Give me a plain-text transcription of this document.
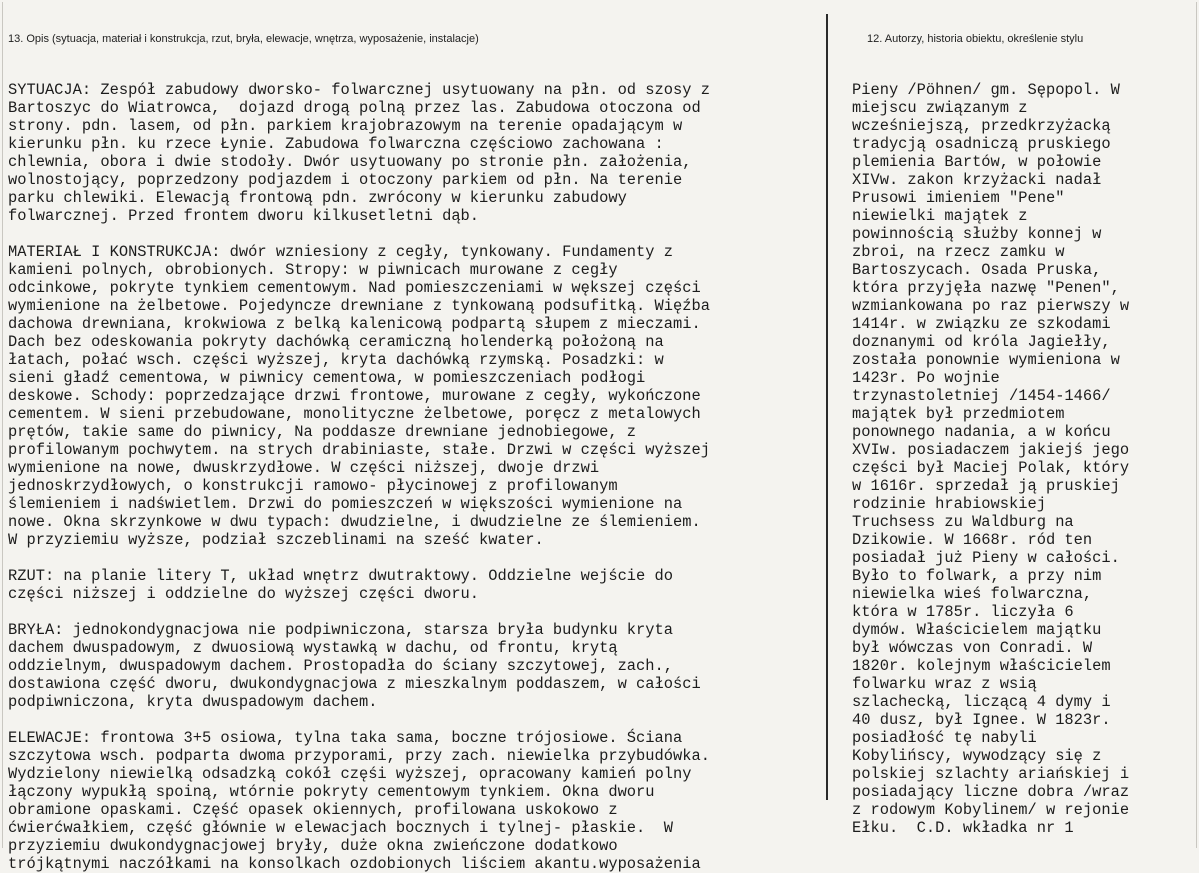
13. Opis (sytuacja, materiał i konstrukcja, rzut, bryła, elewacje, wnętrza, wyposażenie, instalacje)	12. Autorzy, historia obiektu, określenie stylu

SYTUACJA: Zespół zabudowy dworsko- folwarcznej usytuowany na płn. od szosy z
Bartoszyc do Wiatrowca,  dojazd drogą polną przez las. Zabudowa otoczona od
strony. pdn. lasem, od płn. parkiem krajobrazowym na terenie opadającym w
kierunku płn. ku rzece Łynie. Zabudowa folwarczna częściowo zachowana :
chlewnia, obora i dwie stodoły. Dwór usytuowany po stronie płn. założenia,
wolnostojący, poprzedzony podjazdem i otoczony parkiem od płn. Na terenie
parku chlewiki. Elewacją frontową pdn. zwrócony w kierunku zabudowy
folwarcznej. Przed frontem dworu kilkusetletni dąb.

MATERIAŁ I KONSTRUKCJA: dwór wzniesiony z cegły, tynkowany. Fundamenty z
kamieni polnych, obrobionych. Stropy: w piwnicach murowane z cegły
odcinkowe, pokryte tynkiem cementowym. Nad pomieszczeniami w wększej części
wymienione na żelbetowe. Pojedyncze drewniane z tynkowaną podsufitką. Więźba
dachowa drewniana, krokwiowa z belką kalenicową podpartą słupem z mieczami.
Dach bez odeskowania pokryty dachówką ceramiczną holenderką położoną na
łatach, połać wsch. części wyższej, kryta dachówką rzymską. Posadzki: w
sieni gładź cementowa, w piwnicy cementowa, w pomieszczeniach podłogi
deskowe. Schody: poprzedzające drzwi frontowe, murowane z cegły, wykończone
cementem. W sieni przebudowane, monolityczne żelbetowe, poręcz z metalowych
prętów, takie same do piwnicy, Na poddasze drewniane jednobiegowe, z
profilowanym pochwytem. na strych drabiniaste, stałe. Drzwi w części wyższej
wymienione na nowe, dwuskrzydłowe. W części niższej, dwoje drzwi
jednoskrzydłowych, o konstrukcji ramowo- płycinowej z profilowanym
ślemieniem i nadświetlem. Drzwi do pomieszczeń w większości wymienione na
nowe. Okna skrzynkowe w dwu typach: dwudzielne, i dwudzielne ze ślemieniem.
W przyziemiu wyższe, podział szczeblinami na sześć kwater.

RZUT: na planie litery T, układ wnętrz dwutraktowy. Oddzielne wejście do
części niższej i oddzielne do wyższej części dworu.

BRYŁA: jednokondygnacjowa nie podpiwniczona, starsza bryła budynku kryta
dachem dwuspadowym, z dwuosiową wystawką w dachu, od frontu, krytą
oddzielnym, dwuspadowym dachem. Prostopadła do ściany szczytowej, zach.,
dostawiona część dworu, dwukondygnacjowa z mieszkalnym poddaszem, w całości
podpiwniczona, kryta dwuspadowym dachem.

ELEWACJE: frontowa 3+5 osiowa, tylna taka sama, boczne trójosiowe. Ściana
szczytowa wsch. podparta dwoma przyporami, przy zach. niewielka przybudówka.
Wydzielony niewielką odsadzką cokół częśi wyższej, opracowany kamień polny
łączony wypukłą spoiną, wtórnie pokryty cementowym tynkiem. Okna dworu
obramione opaskami. Część opasek okiennych, profilowana uskokowo z
ćwierćwałkiem, część głównie w elewacjach bocznych i tylnej- płaskie.  W
przyziemiu dwukondygnacjowej bryły, duże okna zwieńczone dodatkowo
trójkątnymi naczółkami na konsolkach ozdobionych liściem akantu.wyposażenia

Pieny /Pöhnen/ gm. Sępopol. W
miejscu związanym z
wcześniejszą, przedkrzyżacką
tradycją osadniczą pruskiego
plemienia Bartów, w połowie
XIVw. zakon krzyżacki nadał
Prusowi imieniem "Pene"
niewielki majątek z
powinnością służby konnej w
zbroi, na rzecz zamku w
Bartoszycach. Osada Pruska,
która przyjęła nazwę "Penen",
wzmiankowana po raz pierwszy w
1414r. w związku ze szkodami
doznanymi od króla Jagiełły,
została ponownie wymieniona w
1423r. Po wojnie
trzynastoletniej /1454-1466/
majątek był przedmiotem
ponownego nadania, a w końcu
XVIw. posiadaczem jakiejś jego
części był Maciej Polak, który
w 1616r. sprzedał ją pruskiej
rodzinie hrabiowskiej
Truchsess zu Waldburg na
Dzikowie. W 1668r. ród ten
posiadał już Pieny w całości.
Było to folwark, a przy nim
niewielka wieś folwarczna,
która w 1785r. liczyła 6
dymów. Właścicielem majątku
był wówczas von Conradi. W
1820r. kolejnym właścicielem
folwarku wraz z wsią
szlachecką, liczącą 4 dymy i
40 dusz, był Ignee. W 1823r.
posiadłość tę nabyli
Kobylińscy, wywodzący się z
polskiej szlachty ariańskiej i
posiadający liczne dobra /wraz
z rodowym Kobylinem/ w rejonie
Ełku.  C.D. wkładka nr 1
